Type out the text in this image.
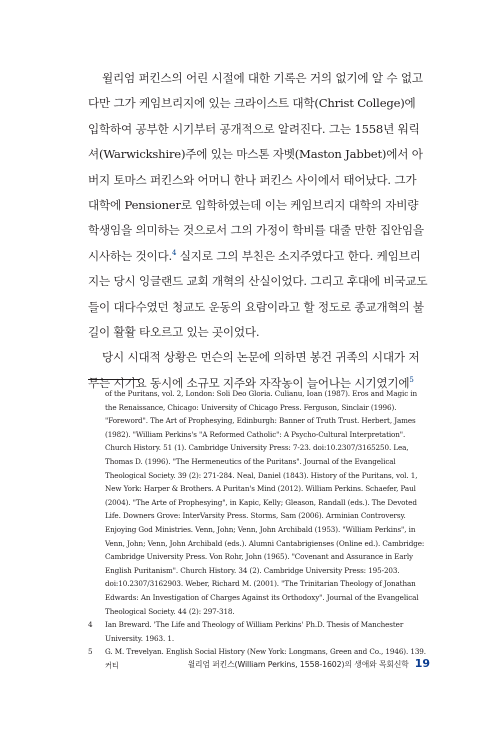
윌리엄 퍼킨스의 어린 시절에 대한 기록은 거의 없기에 알 수 없고 다만 그가 케임브리지에 있는 크라이스트 대학(Christ College)에 입학하여 공부한 시기부터 공개적으로 알려진다. 그는 1558년 워릭셔(Warwickshire)주에 있는 마스톤 자벳(Maston Jabbet)에서 아버지 토마스 퍼킨스와 어머니 한나 퍼킨스 사이에서 태어났다. 그가 대학에 Pensioner로 입학하였는데 이는 케임브리지 대학의 자비량 학생임을 의미하는 것으로서 그의 가정이 학비를 대줄 만한 집안임을 시사하는 것이다.$^4$ 실지로 그의 부친은 소지주였다고 한다. 케임브리지는 당시 잉글랜드 교회 개혁의 산실이었다. 그리고 후대에 비국교도들이 대다수였던 청교도 운동의 요람이라고 할 정도로 종교개혁의 불길이 활활 타오르고 있는 곳이었다.

당시 시대적 상황은 먼슨의 논문에 의하면 봉건 귀족의 시대가 저무는 시기요 동시에 소규모 지주와 자작농이 늘어나는 시기였기에$^5$

of the Puritans, vol. 2, London: Soli Deo Gloria. Culianu, Ioan (1987). Eros and Magic in the Renaissance, Chicago: University of Chicago Press. Ferguson, Sinclair (1996). "Foreword". The Art of Prophesying, Edinburgh: Banner of Truth Trust. Herbert, James (1982). "William Perkins's "A Reformed Catholic": A Psycho-Cultural Interpretation". Church History. 51 (1). Cambridge University Press: 7-23. doi:10.2307/3165250. Lea, Thomas D. (1996). "The Hermeneutics of the Puritans". Journal of the Evangelical Theological Society. 39 (2): 271-284. Neal, Daniel (1843). History of the Puritans, vol. 1, New York: Harper & Brothers. A Puritan's Mind (2012). William Perkins. Schaefer, Paul (2004). "The Arte of Prophesying", in Kapic, Kelly; Gleason, Randall (eds.). The Devoted Life. Downers Grove: InterVarsity Press. Storms, Sam (2006). Arminian Controversy. Enjoying God Ministries. Venn, John; Venn, John Archibald (1953). "William Perkins", in Venn, John; Venn, John Archibald (eds.). Alumni Cantabrigienses (Online ed.). Cambridge: Cambridge University Press. Von Rohr, John (1965). "Covenant and Assurance in Early English Puritanism". Church History. 34 (2). Cambridge University Press: 195-203. doi:10.2307/3162903. Weber, Richard M. (2001). "The Trinitarian Theology of Jonathan Edwards: An Investigation of Charges Against its Orthodoxy". Journal of the Evangelical Theological Society. 44 (2): 297-318.

4	Ian Breward. 'The Life and Theology of William Perkins' Ph.D. Thesis of Manchester University. 1963. 1.

5	G. M. Trevelyan. English Social History (New York: Longmans, Green and Co., 1946). 139. 커티	윌리엄 퍼킨스(William Perkins, 1558-1602)의 생애와 목회신학 19
